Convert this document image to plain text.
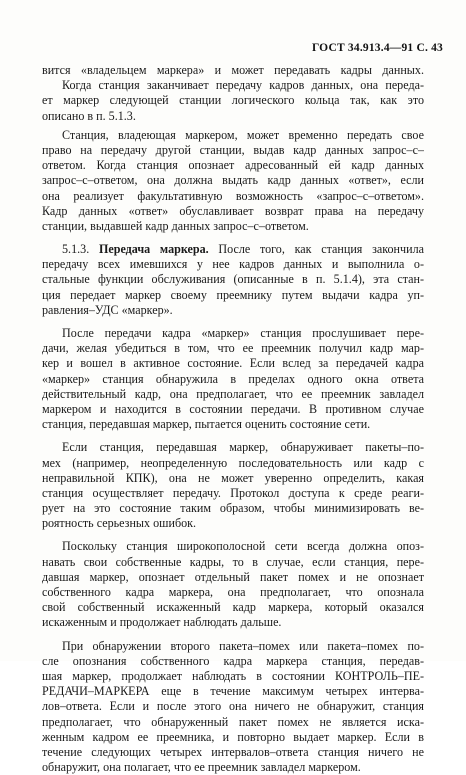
ГОСТ 34.913.4—91 С. 43
вится «владельцем маркера» и может передавать кадры данных.
Когда станция заканчивает передачу кадров данных, она переда-
ет маркер следующей станции логического кольца так, как это
описано в п. 5.1.3.
Станция, владеющая маркером, может временно передать свое
право на передачу другой станции, выдав кадр данных запрос–с–
ответом. Когда станция опознает адресованный ей кадр данных
запрос–с–ответом, она должна выдать кадр данных «ответ», если
она реализует факультативную возможность «запрос–с–ответом».
Кадр данных «ответ» обуславливает возврат права на передачу
станции, выдавшей кадр данных запрос–с–ответом.
5.1.3. Передача маркера. После того, как станция закончила
передачу всех имевшихся у нее кадров данных и выполнила о-
стальные функции обслуживания (описанные в п. 5.1.4), эта стан-
ция передает маркер своему преемнику путем выдачи кадра уп-
равления–УДС «маркер».
После передачи кадра «маркер» станция прослушивает пере-
дачи, желая убедиться в том, что ее преемник получил кадр мар-
кер и вошел в активное состояние. Если вслед за передачей кадра
«маркер» станция обнаружила в пределах одного окна ответа
действительный кадр, она предполагает, что ее преемник завладел
маркером и находится в состоянии передачи. В противном случае
станция, передавшая маркер, пытается оценить состояние сети.
Если станция, передавшая маркер, обнаруживает пакеты–по-
мех (например, неопределенную последовательность или кадр с
неправильной КПК), она не может уверенно определить, какая
станция осуществляет передачу. Протокол доступа к среде реаги-
рует на это состояние таким образом, чтобы минимизировать ве-
роятность серьезных ошибок.
Поскольку станция широкополосной сети всегда должна опоз-
навать свои собственные кадры, то в случае, если станция, пере-
давшая маркер, опознает отдельный пакет помех и не опознает
собственного кадра маркера, она предполагает, что опознала
свой собственный искаженный кадр маркера, который оказался
искаженным и продолжает наблюдать дальше.
При обнаружении второго пакета–помех или пакета–помех по-
сле опознания собственного кадра маркера станция, передав-
шая маркер, продолжает наблюдать в состоянии КОНТРОЛЬ–ПЕ-
РЕДАЧИ–МАРКЕРА еще в течение максимум четырех интерва-
лов–ответа. Если и после этого она ничего не обнаружит, станция
предполагает, что обнаруженный пакет помех не является иска-
женным кадром ее преемника, и повторно выдает маркер. Если в
течение следующих четырех интервалов–ответа станция ничего не
обнаружит, она полагает, что ее преемник завладел маркером.
